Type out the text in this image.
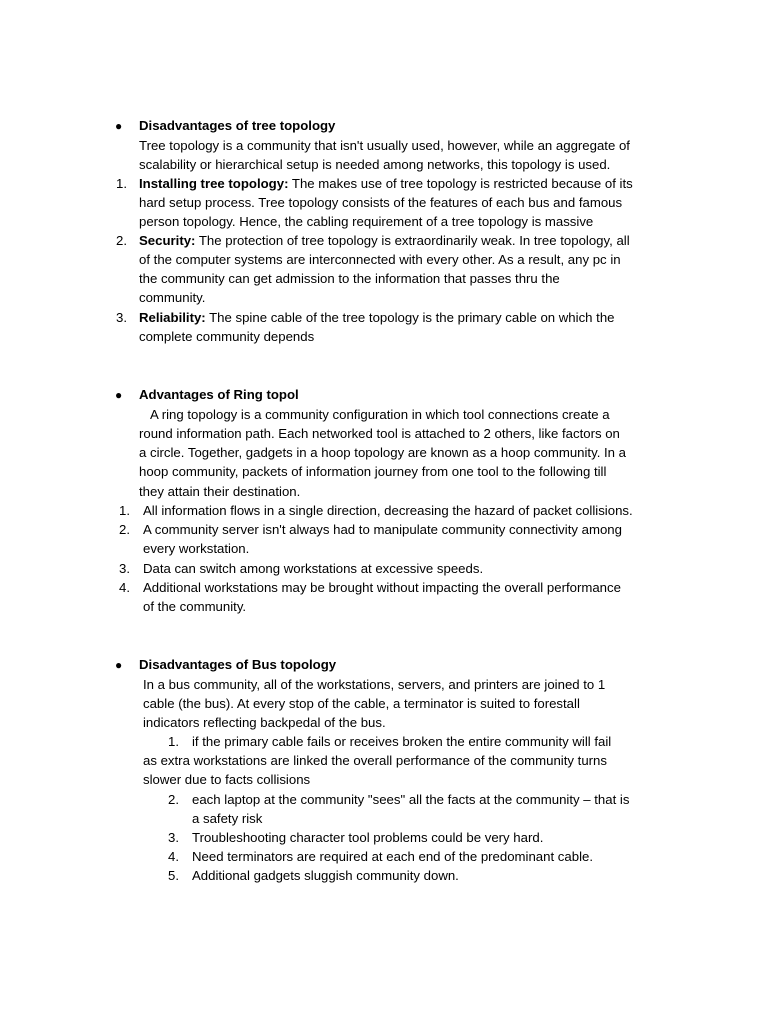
● Disadvantages of tree topology
Tree topology is a community that isn't usually used, however, while an aggregate of
scalability or hierarchical setup is needed among networks, this topology is used.
1. Installing tree topology: The makes use of tree topology is restricted because of its
hard setup process. Tree topology consists of the features of each bus and famous
person topology. Hence, the cabling requirement of a tree topology is massive
2. Security: The protection of tree topology is extraordinarily weak. In tree topology, all
of the computer systems are interconnected with every other. As a result, any pc in
the community can get admission to the information that passes thru the
community.
3. Reliability: The spine cable of the tree topology is the primary cable on which the
complete community depends
● Advantages of Ring topol
A ring topology is a community configuration in which tool connections create a
round information path. Each networked tool is attached to 2 others, like factors on
a circle. Together, gadgets in a hoop topology are known as a hoop community. In a
hoop community, packets of information journey from one tool to the following till
they attain their destination.
1. All information flows in a single direction, decreasing the hazard of packet collisions.
2. A community server isn't always had to manipulate community connectivity among
every workstation.
3. Data can switch among workstations at excessive speeds.
4. Additional workstations may be brought without impacting the overall performance
of the community.
● Disadvantages of Bus topology
In a bus community, all of the workstations, servers, and printers are joined to 1
cable (the bus). At every stop of the cable, a terminator is suited to forestall
indicators reflecting backpedal of the bus.
1. if the primary cable fails or receives broken the entire community will fail
as extra workstations are linked the overall performance of the community turns
slower due to facts collisions
2. each laptop at the community "sees" all the facts at the community – that is
a safety risk
3. Troubleshooting character tool problems could be very hard.
4. Need terminators are required at each end of the predominant cable.
5. Additional gadgets sluggish community down.
